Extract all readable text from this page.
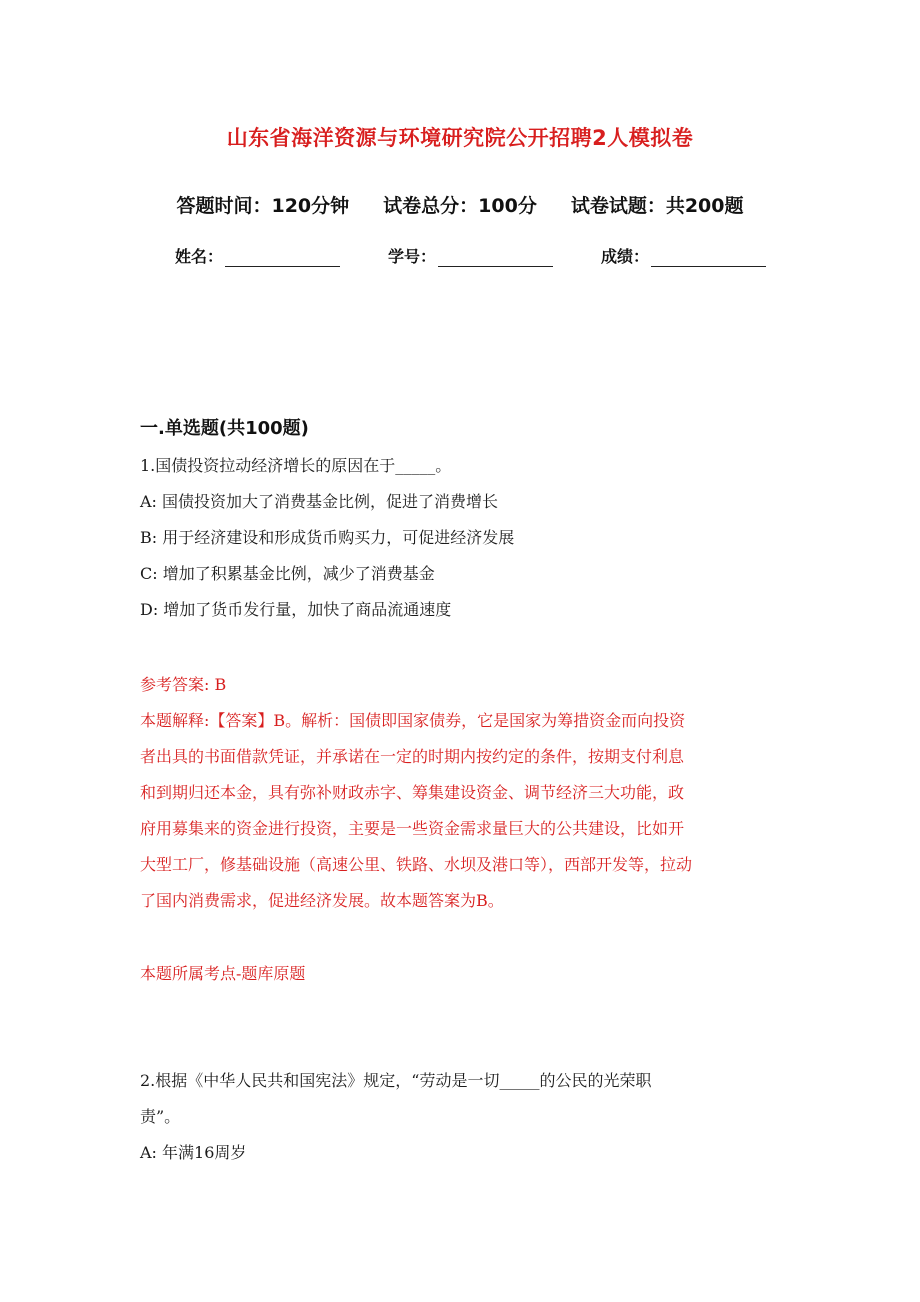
山东省海洋资源与环境研究院公开招聘2人模拟卷
答题时间：120分钟 试卷总分：100分 试卷试题：共200题
姓名：	学号：	成绩：
一.单选题(共100题)
1.国债投资拉动经济增长的原因在于_____。
A: 国债投资加大了消费基金比例，促进了消费增长
B: 用于经济建设和形成货币购买力，可促进经济发展
C: 增加了积累基金比例，减少了消费基金
D: 增加了货币发行量，加快了商品流通速度
参考答案: B
本题解释:【答案】B。解析：国债即国家债券，它是国家为筹措资金而向投资
者出具的书面借款凭证，并承诺在一定的时期内按约定的条件，按期支付利息
和到期归还本金，具有弥补财政赤字、筹集建设资金、调节经济三大功能，政
府用募集来的资金进行投资，主要是一些资金需求量巨大的公共建设，比如开
大型工厂，修基础设施（高速公里、铁路、水坝及港口等），西部开发等，拉动
了国内消费需求，促进经济发展。故本题答案为B。
本题所属考点-题库原题
2.根据《中华人民共和国宪法》规定，“劳动是一切_____的公民的光荣职
责”。
A: 年满16周岁
